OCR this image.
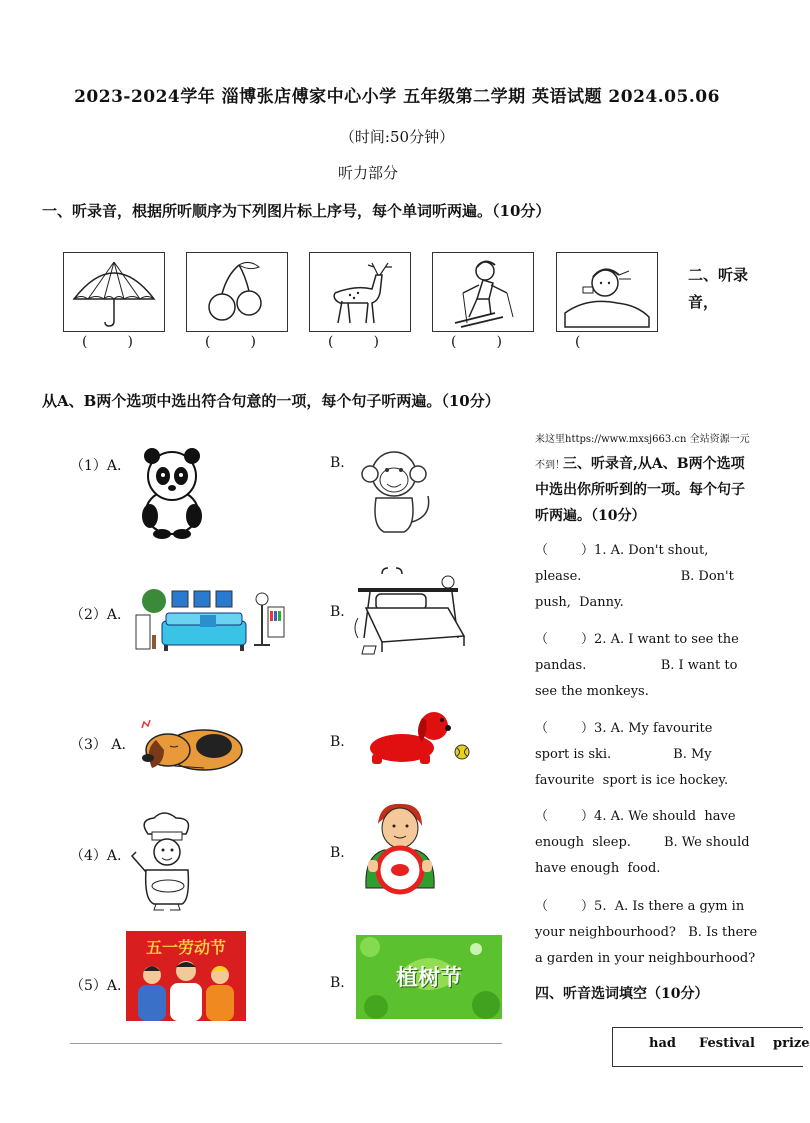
2023-2024学年 淄博张店傅家中心小学 五年级第二学期 英语试题 2024.05.06
（时间:50分钟）
听力部分
一、听录音，根据所听顺序为下列图片标上序号，每个单词听两遍。（10分）
(         )	(         )	(         )	(         )	(
二、听录音，
从A、B两个选项中选出符合句意的一项，每个句子听两遍。（10分）
（1）A.	B.
（2）A.	B.
（3） A.	B.
（4）A.	B.
（5）A.
五一劳动节
B.	植树节
来这里https://www.mxsj663.cn 全站资源一元不到！
三、听录音,从A、B两个选项中选出你所听到的一项。每个句子听两遍。（10分）
（        ）1. A. Don't shout,
please.                        B. Don't
push,  Danny.
（        ）2. A. I want to see the
pandas.                  B. I want to
see the monkeys.
（        ）3. A. My favourite
sport is ski.               B. My
favourite  sport is ice hockey.
（        ）4. A. We should  have
enough  sleep.        B. We should
have enough  food.
（        ）5.  A. Is there a gym in
your neighbourhood?   B. Is there
a garden in your neighbourhood?
四、听音选词填空（10分）
had Festival prize
